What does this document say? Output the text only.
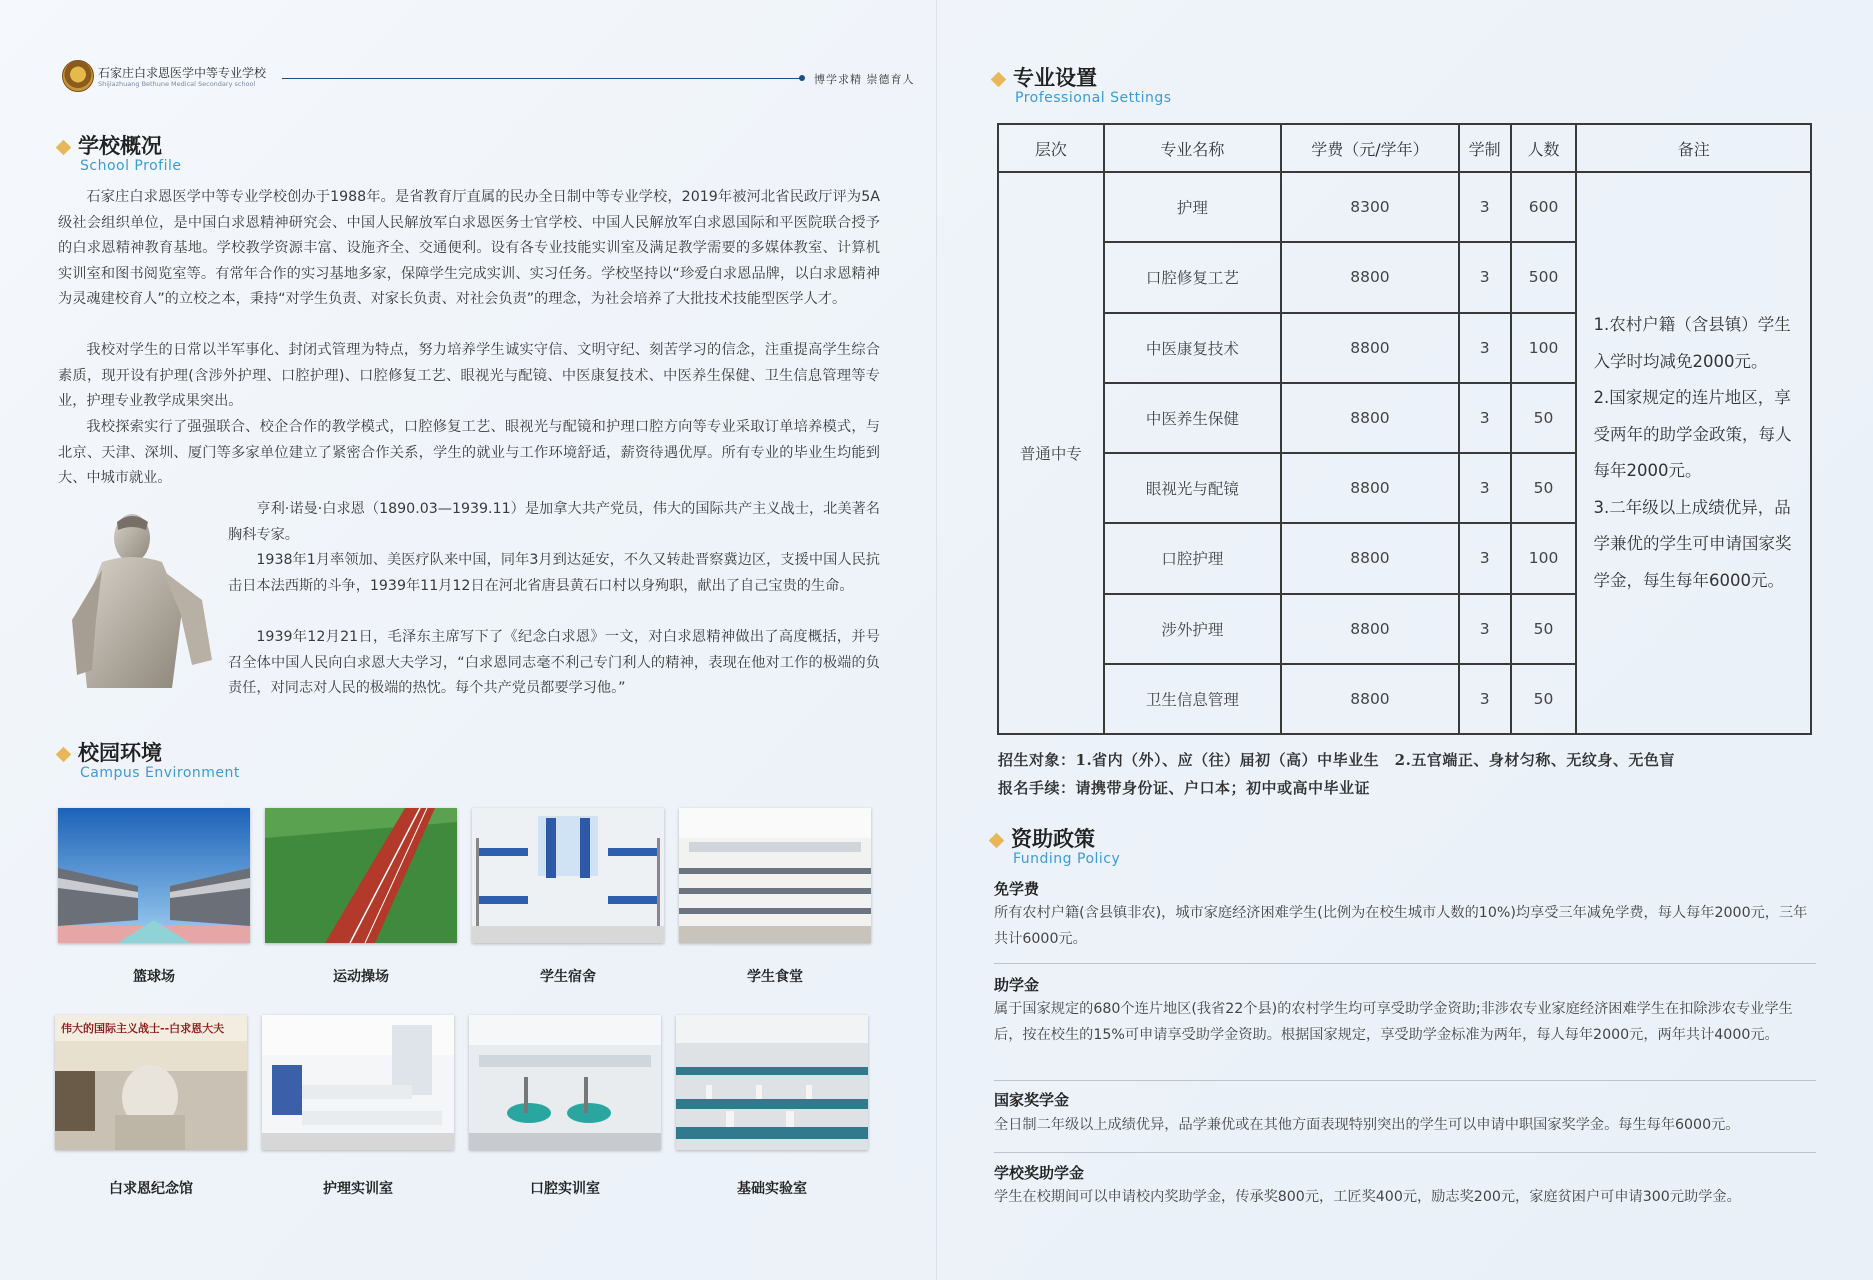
石家庄白求恩医学中等专业学校
Shijiazhuang Bethune Medical Secondary school	博学求精 崇德育人
学校概况
School Profile

石家庄白求恩医学中等专业学校创办于1988年。是省教育厅直属的民办全日制中等专业学校，2019年被河北省民政厅评为5A级社会组织单位，是中国白求恩精神研究会、中国人民解放军白求恩医务士官学校、中国人民解放军白求恩国际和平医院联合授予的白求恩精神教育基地。学校教学资源丰富、设施齐全、交通便利。设有各专业技能实训室及满足教学需要的多媒体教室、计算机实训室和图书阅览室等。有常年合作的实习基地多家，保障学生完成实训、实习任务。学校坚持以“珍爱白求恩品牌，以白求恩精神为灵魂建校育人”的立校之本，秉持“对学生负责、对家长负责、对社会负责”的理念，为社会培养了大批技术技能型医学人才。

我校对学生的日常以半军事化、封闭式管理为特点，努力培养学生诚实守信、文明守纪、刻苦学习的信念，注重提高学生综合素质，现开设有护理(含涉外护理、口腔护理)、口腔修复工艺、眼视光与配镜、中医康复技术、中医养生保健、卫生信息管理等专业，护理专业教学成果突出。

我校探索实行了强强联合、校企合作的教学模式，口腔修复工艺、眼视光与配镜和护理口腔方向等专业采取订单培养模式，与北京、天津、深圳、厦门等多家单位建立了紧密合作关系，学生的就业与工作环境舒适，薪资待遇优厚。所有专业的毕业生均能到大、中城市就业。

亨利·诺曼·白求恩（1890.03—1939.11）是加拿大共产党员，伟大的国际共产主义战士，北美著名胸科专家。

1938年1月率领加、美医疗队来中国，同年3月到达延安，不久又转赴晋察冀边区，支援中国人民抗击日本法西斯的斗争，1939年11月12日在河北省唐县黄石口村以身殉职，献出了自己宝贵的生命。

1939年12月21日，毛泽东主席写下了《纪念白求恩》一文，对白求恩精神做出了高度概括，并号召全体中国人民向白求恩大夫学习，“白求恩同志毫不利己专门利人的精神，表现在他对工作的极端的负责任，对同志对人民的极端的热忱。每个共产党员都要学习他。”

校园环境
Campus Environment
篮球场	运动操场	学生宿舍	学生食堂
伟大的国际主义战士--白求恩大夫
白求恩纪念馆	护理实训室	口腔实训室	基础实验室
专业设置
Professional Settings
层次	专业名称	学费（元/学年）	学制	人数	备注
普通中专	护理	8300	3	600	1.农村户籍（含县镇）学生入学时均减免2000元。
2.国家规定的连片地区，享受两年的助学金政策，每人每年2000元。
3.二年级以上成绩优异，品学兼优的学生可申请国家奖学金，每生每年6000元。

	口腔修复工艺	8800	3	500	
	中医康复技术	8800	3	100	
	中医养生保健	8800	3	50	
	眼视光与配镜	8800	3	50	
	口腔护理	8800	3	100	
	涉外护理	8800	3	50	
	卫生信息管理	8800	3	50	
招生对象：1.省内（外）、应（往）届初（高）中毕业生　2.五官端正、身材匀称、无纹身、无色盲
报名手续：请携带身份证、户口本；初中或高中毕业证
资助政策
Funding Policy
免学费
所有农村户籍(含县镇非农)，城市家庭经济困难学生(比例为在校生城市人数的10%)均享受三年减免学费，每人每年2000元，三年共计6000元。
助学金
属于国家规定的680个连片地区(我省22个县)的农村学生均可享受助学金资助;非涉农专业家庭经济困难学生在扣除涉农专业学生后，按在校生的15%可申请享受助学金资助。根据国家规定，享受助学金标准为两年，每人每年2000元，两年共计4000元。
国家奖学金
全日制二年级以上成绩优异，品学兼优或在其他方面表现特别突出的学生可以申请中职国家奖学金。每生每年6000元。
学校奖助学金
学生在校期间可以申请校内奖助学金，传承奖800元，工匠奖400元，励志奖200元，家庭贫困户可申请300元助学金。
